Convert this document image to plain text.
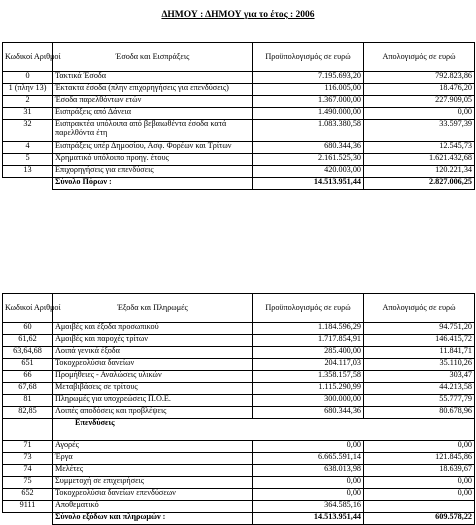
ΔΗΜΟΥ : ΔΗΜΟΥ για το έτος : 2006
Κωδικοί Αριθμοί	Έσοδα και Εισπράξεις	Προϋπολογισμός σε ευρώ	Απολογισμός σε ευρώ
0	Τακτικά Έσοδα	7.195.693,20	792.823,86
1 (πλην 13)	Έκτακτα έσοδα (πλην επιχορηγήσεις για επενδύσεις)	116.005,00	18.476,20
2	Έσοδα παρελθόντων ετών	1.367.000,00	227.909,05
31	Εισπράξεις από Δάνεια	1.490.000,00	0,00
32	Εισπρακτέα υπόλοιπα από βεβαιωθέντα έσοδα κατά παρελθόντα έτη	1.083.380,58	33.597,39
4	Εισπράξεις υπέρ Δημοσίου, Ασφ. Φορέων και Τρίτων	680.344,36	12.545,73
5	Χρηματικό υπόλοιπο προηγ. έτους	2.161.525,30	1.621.432,68
13	Επιχορηγήσεις για επενδύσεις	420.003,00	120.221,34
	Σύνολο Πόρων :	14.513.951,44	2.827.006,25
Κωδικοί Αριθμοί	Έξοδα και Πληρωμές	Προϋπολογισμός σε ευρώ	Απολογισμός σε ευρώ
60	Αμοιβές και έξοδα προσωπικού	1.184.596,29	94.751,20
61,62	Αμοιβές και παροχές τρίτων	1.717.854,91	146.415,72
63,64,68	Λοιπά γενικά έξοδα	285.400,00	11.841,71
651	Τοκοχρεολύσια δανείων	204.117,03	35.110,26
66	Προμήθειες - Αναλώσεις υλικών	1.358.157,58	303,47
67,68	Μεταβιβάσεις σε τρίτους	1.115.290,99	44.213,58
81	Πληρωμές για υποχρεώσεις Π.Ο.Ε.	300.000,00	55.777,79
82,85	Λοιπές αποδόσεις και προβλέψεις	680.344,36	80.678,96
	Επενδύσεις		
71	Αγορές	0,00	0,00
73	Έργα	6.665.591,14	121.845,86
74	Μελέτες	638.013,98	18.639,67
75	Συμμετοχή σε επιχειρήσεις	0,00	0,00
652	Τοκοχρεολύσια δανείων επενδύσεων	0,00	0,00
9111	Αποθεματικό	364.585,16	
	Σύνολο εξόδων και πληρωμών :	14.513.951,44	609.578,22
